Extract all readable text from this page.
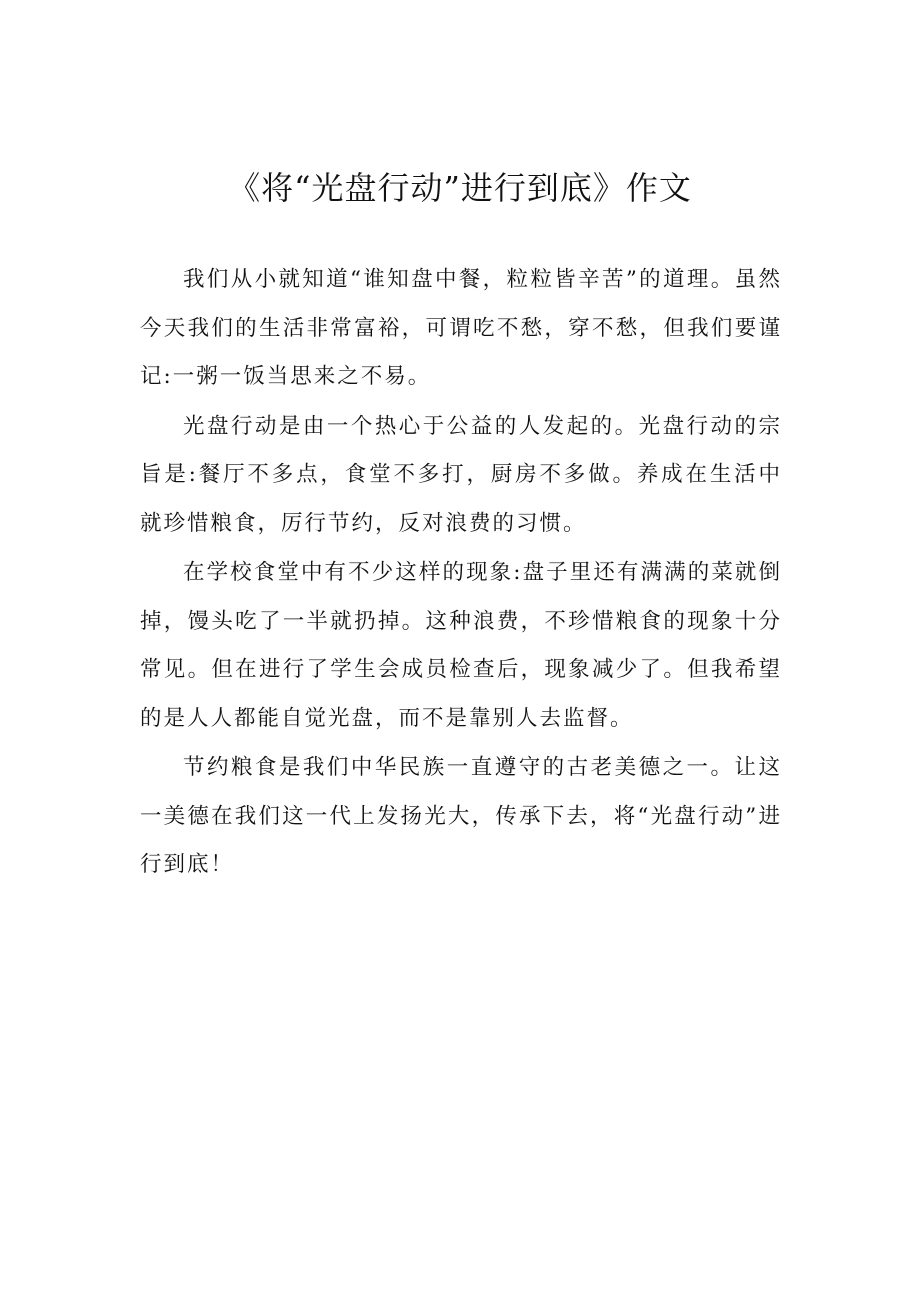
《将“光盘行动”进行到底》作文

我们从小就知道“谁知盘中餐，粒粒皆辛苦”的道理。虽然今天我们的生活非常富裕，可谓吃不愁，穿不愁，但我们要谨记:一粥一饭当思来之不易。

光盘行动是由一个热心于公益的人发起的。光盘行动的宗旨是:餐厅不多点，食堂不多打，厨房不多做。养成在生活中就珍惜粮食，厉行节约，反对浪费的习惯。

在学校食堂中有不少这样的现象:盘子里还有满满的菜就倒掉，馒头吃了一半就扔掉。这种浪费，不珍惜粮食的现象十分常见。但在进行了学生会成员检查后，现象减少了。但我希望的是人人都能自觉光盘，而不是靠别人去监督。

节约粮食是我们中华民族一直遵守的古老美德之一。让这一美德在我们这一代上发扬光大，传承下去，将“光盘行动”进行到底！
